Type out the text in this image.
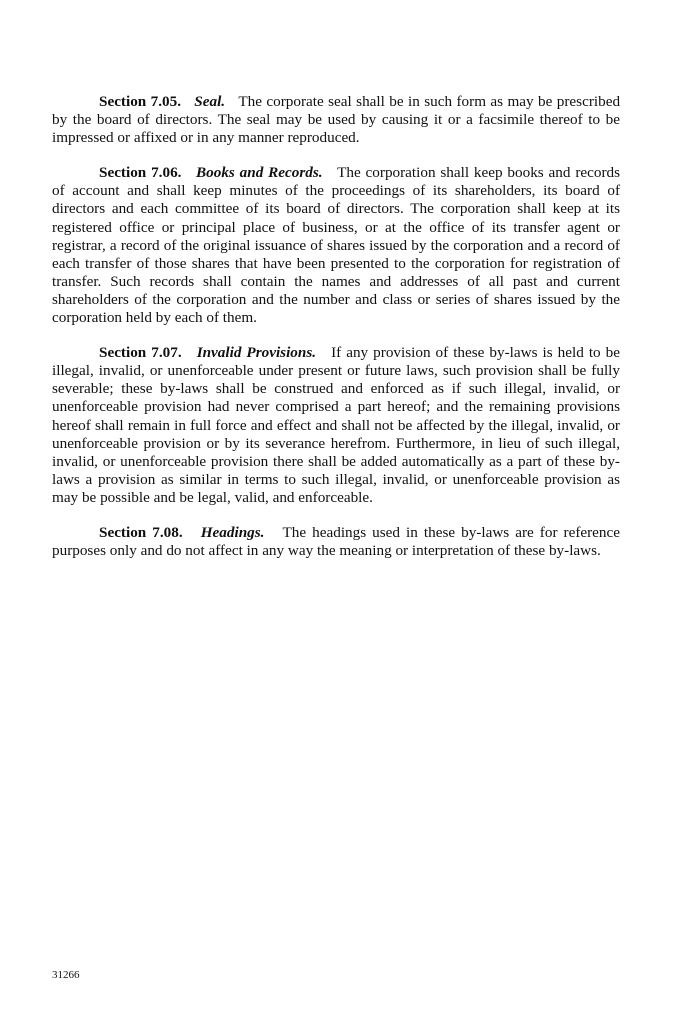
Section 7.05. Seal. The corporate seal shall be in such form as may be prescribed by the board of directors. The seal may be used by causing it or a facsimile thereof to be impressed or affixed or in any manner reproduced.

Section 7.06. Books and Records. The corporation shall keep books and records of account and shall keep minutes of the proceedings of its shareholders, its board of directors and each committee of its board of directors. The corporation shall keep at its registered office or principal place of business, or at the office of its transfer agent or registrar, a record of the original issuance of shares issued by the corporation and a record of each transfer of those shares that have been presented to the corporation for registration of transfer. Such records shall contain the names and addresses of all past and current shareholders of the corporation and the number and class or series of shares issued by the corporation held by each of them.

Section 7.07. Invalid Provisions. If any provision of these by-laws is held to be illegal, invalid, or unenforceable under present or future laws, such provision shall be fully severable; these by-laws shall be construed and enforced as if such illegal, invalid, or unenforceable provision had never comprised a part hereof; and the remaining provisions hereof shall remain in full force and effect and shall not be affected by the illegal, invalid, or unenforceable provision or by its severance herefrom. Furthermore, in lieu of such illegal, invalid, or unenforceable provision there shall be added automatically as a part of these by-laws a provision as similar in terms to such illegal, invalid, or unenforceable provision as may be possible and be legal, valid, and enforceable.

Section 7.08. Headings. The headings used in these by-laws are for reference purposes only and do not affect in any way the meaning or interpretation of these by-laws.

31266
